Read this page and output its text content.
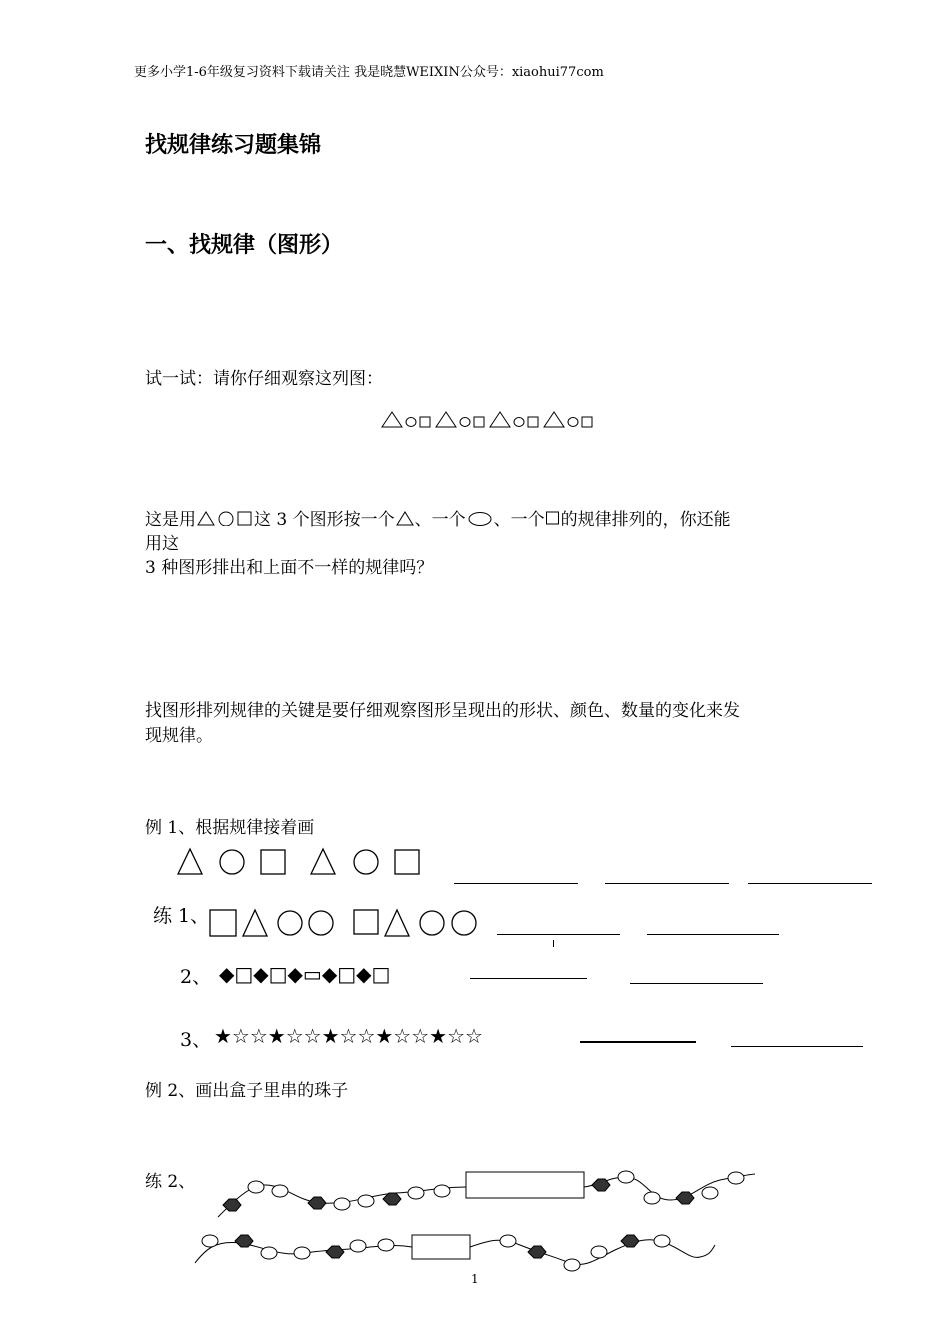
更多小学1-6年级复习资料下载请关注 我是晓慧WEIXIN公众号：xiaohui77com
找规律练习题集锦
一、找规律（图形）
试一试：请你仔细观察这列图：
这是用	这 3 个图形按一个 、一个 、一个 的规律排列的，你还能
用这
3 种图形排出和上面不一样的规律吗？
找图形排列规律的关键是要仔细观察图形呈现出的形状、颜色、数量的变化来发
现规律。
例 1、根据规律接着画
练 1、
2、 ◆□◆□◆▭◆□◆□
3、 ★☆☆★☆☆★☆☆★☆☆★☆☆
例 2、画出盒子里串的珠子
练 2、
1
